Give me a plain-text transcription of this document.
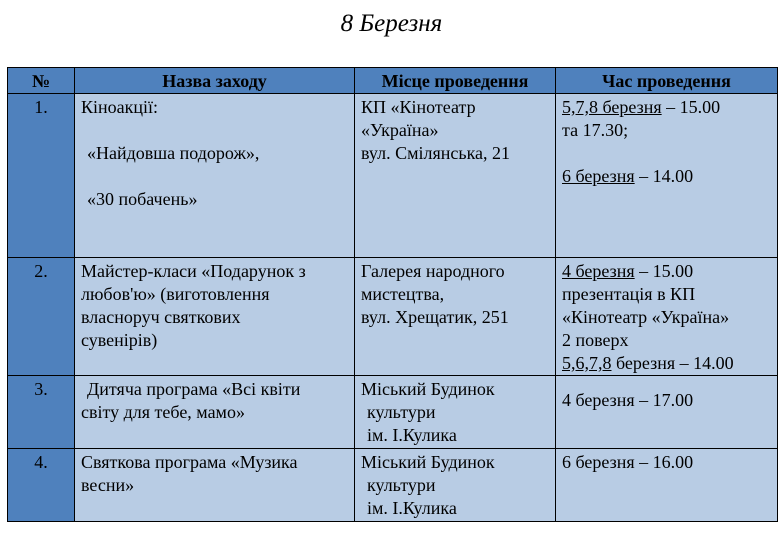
8 Березня
№	Назва заходу	Місце проведення	Час проведення
1.	Кіноакції:
«Найдовша подорож»,
«30 побачень»	КП «Кінотеатр
«Україна»
вул. Смілянська, 21	5,7,8 березня – 15.00
та 17.30;
6 березня – 14.00

2.	Майстер-класи «Подарунок з
любов'ю» (виготовлення
власноруч святкових
сувенірів)	Галерея народного
мистецтва,
вул. Хрещатик, 251	4 березня – 15.00
презентація в КП
«Кінотеатр «Україна»
2 поверх
5,6,7,8 березня – 14.00

3.	Дитяча програма «Всі квіти
світу для тебе, мамо»	Міський Будинок
культури
ім. І.Кулика	4 березня – 17.00

4.	Святкова програма «Музика
весни»	Міський Будинок
культури
ім. І.Кулика	6 березня – 16.00
